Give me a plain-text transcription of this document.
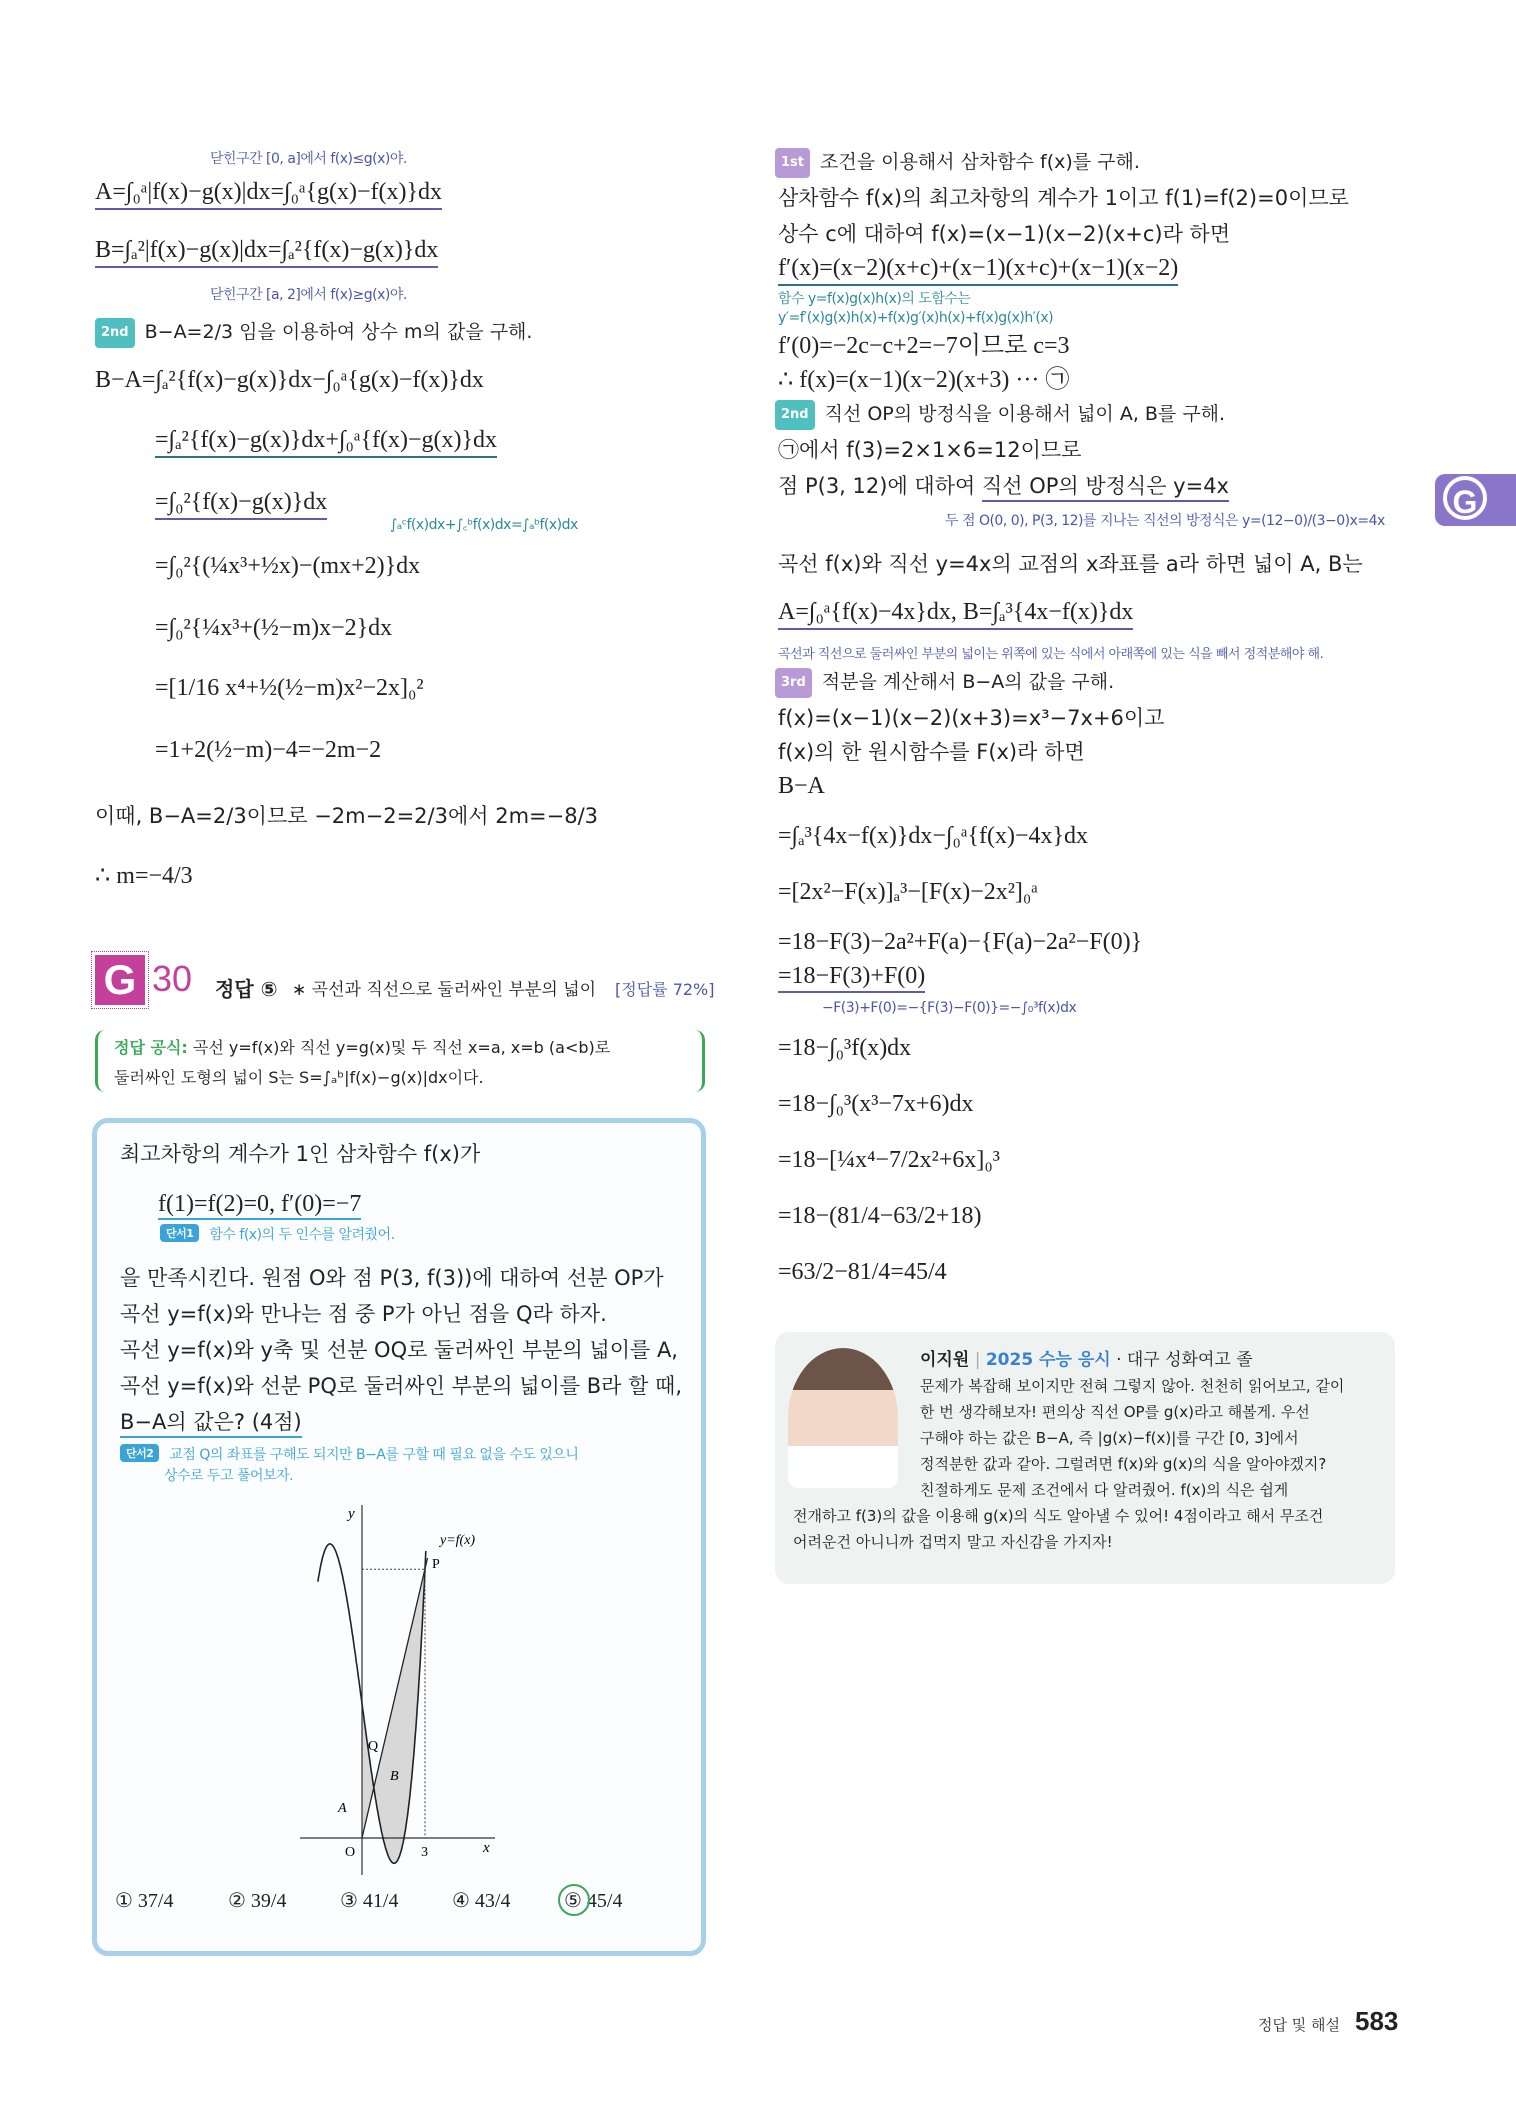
닫힌구간 [0, a]에서 f(x)≤g(x)야.
A=∫₀ᵃ|f(x)−g(x)|dx=∫₀ᵃ{g(x)−f(x)}dx
B=∫ₐ²|f(x)−g(x)|dx=∫ₐ²{f(x)−g(x)}dx
닫힌구간 [a, 2]에서 f(x)≥g(x)야.
2nd B−A=2/3 임을 이용하여 상수 m의 값을 구해.
B−A=∫ₐ²{f(x)−g(x)}dx−∫₀ᵃ{g(x)−f(x)}dx
=∫ₐ²{f(x)−g(x)}dx+∫₀ᵃ{f(x)−g(x)}dx
=∫₀²{f(x)−g(x)}dx
∫ₐᶜf(x)dx+∫꜀ᵇf(x)dx=∫ₐᵇf(x)dx
=∫₀²{(¼x³+½x)−(mx+2)}dx
=∫₀²{¼x³+(½−m)x−2}dx
=[1/16 x⁴+½(½−m)x²−2x]₀²
=1+2(½−m)−4=−2m−2
이때, B−A=2/3이므로 −2m−2=2/3에서 2m=−8/3
∴ m=−4/3
G 30 정답 ⑤ ∗ 곡선과 직선으로 둘러싸인 부분의 넓이 [정답률 72%]
정답 공식: 곡선 y=f(x)와 직선 y=g(x)및 두 직선 x=a, x=b (a<b)로
둘러싸인 도형의 넓이 S는 S=∫ₐᵇ|f(x)−g(x)|dx이다.
최고차항의 계수가 1인 삼차함수 f(x)가
f(1)=f(2)=0, f′(0)=−7
단서1 함수 f(x)의 두 인수를 알려줬어.
을 만족시킨다. 원점 O와 점 P(3, f(3))에 대하여 선분 OP가
곡선 y=f(x)와 만나는 점 중 P가 아닌 점을 Q라 하자.
곡선 y=f(x)와 y축 및 선분 OQ로 둘러싸인 부분의 넓이를 A,
곡선 y=f(x)와 선분 PQ로 둘러싸인 부분의 넓이를 B라 할 때,
B−A의 값은? (4점)
단서2 교점 Q의 좌표를 구해도 되지만 B−A를 구할 때 필요 없을 수도 있으니
상수로 두고 풀어보자.
y
y=f(x)
P
Q
A
B
O	3	x
① 37/4	② 39/4	③ 41/4	④ 43/4	⑤ 45/4
1st 조건을 이용해서 삼차함수 f(x)를 구해.
삼차함수 f(x)의 최고차항의 계수가 1이고 f(1)=f(2)=0이므로
상수 c에 대하여 f(x)=(x−1)(x−2)(x+c)라 하면
f′(x)=(x−2)(x+c)+(x−1)(x+c)+(x−1)(x−2)
함수 y=f(x)g(x)h(x)의 도함수는
y′=f′(x)g(x)h(x)+f(x)g′(x)h(x)+f(x)g(x)h′(x)
f′(0)=−2c−c+2=−7이므로 c=3
∴ f(x)=(x−1)(x−2)(x+3) ··· ㉠
2nd 직선 OP의 방정식을 이용해서 넓이 A, B를 구해.
㉠에서 f(3)=2×1×6=12이므로
점 P(3, 12)에 대하여 직선 OP의 방정식은 y=4x
두 점 O(0, 0), P(3, 12)를 지나는 직선의 방정식은 y=(12−0)/(3−0)x=4x
곡선 f(x)와 직선 y=4x의 교점의 x좌표를 a라 하면 넓이 A, B는
A=∫₀ᵃ{f(x)−4x}dx, B=∫ₐ³{4x−f(x)}dx
곡선과 직선으로 둘러싸인 부분의 넓이는 위쪽에 있는 식에서 아래쪽에 있는 식을 빼서 정적분해야 해.
3rd 적분을 계산해서 B−A의 값을 구해.
f(x)=(x−1)(x−2)(x+3)=x³−7x+6이고
f(x)의 한 원시함수를 F(x)라 하면
B−A
=∫ₐ³{4x−f(x)}dx−∫₀ᵃ{f(x)−4x}dx
=[2x²−F(x)]ₐ³−[F(x)−2x²]₀ᵃ
=18−F(3)−2a²+F(a)−{F(a)−2a²−F(0)}
=18−F(3)+F(0)
−F(3)+F(0)=−{F(3)−F(0)}=−∫₀³f(x)dx
=18−∫₀³f(x)dx
=18−∫₀³(x³−7x+6)dx
=18−[¼x⁴−7/2x²+6x]₀³
=18−(81/4−63/2+18)
=63/2−81/4=45/4
이지원 | 2025 수능 응시 · 대구 성화여고 졸
문제가 복잡해 보이지만 전혀 그렇지 않아. 천천히 읽어보고, 같이
한 번 생각해보자! 편의상 직선 OP를 g(x)라고 해볼게. 우선
구해야 하는 값은 B−A, 즉 |g(x)−f(x)|를 구간 [0, 3]에서
정적분한 값과 같아. 그럴려면 f(x)와 g(x)의 식을 알아야겠지?
친절하게도 문제 조건에서 다 알려줬어. f(x)의 식은 쉽게
전개하고 f(3)의 값을 이용해 g(x)의 식도 알아낼 수 있어! 4점이라고 해서 무조건
어려운건 아니니까 겁먹지 말고 자신감을 가지자!
G
정답 및 해설 583
